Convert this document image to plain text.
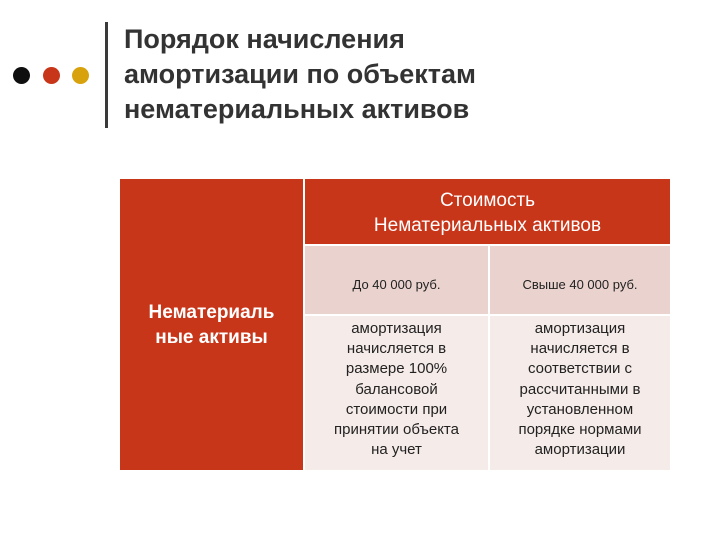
Порядок начисления
амортизации по объектам
нематериальных активов
Нематериаль
ные активы
Стоимость
Нематериальных активов
До 40 000 руб.	Свыше 40 000 руб.
амортизация
начисляется в
размере 100%
балансовой
стоимости при
принятии объекта
на учет
амортизация
начисляется в
соответствии с
рассчитанными в
установленном
порядке нормами
амортизации
